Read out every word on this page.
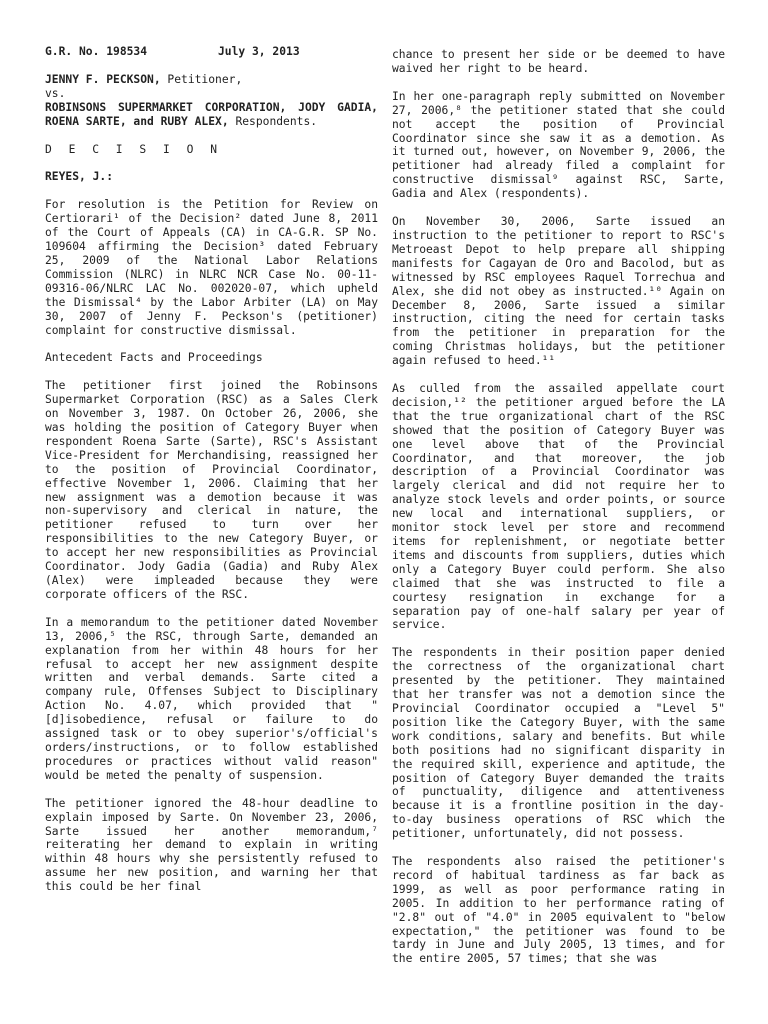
G.R. No. 198534	July 3, 2013

JENNY F. PECKSON, Petitioner,
vs.
ROBINSONS SUPERMARKET CORPORATION, JODY GADIA, ROENA SARTE, and RUBY ALEX, Respondents.

D E C I S I O N
REYES, J.:

For resolution is the Petition for Review on Certiorari¹ of the Decision² dated June 8, 2011 of the Court of Appeals (CA) in CA-G.R. SP No. 109604 affirming the Decision³ dated February 25, 2009 of the National Labor Relations Commission (NLRC) in NLRC NCR Case No. 00-11-09316-06/NLRC LAC No. 002020-07, which upheld the Dismissal⁴ by the Labor Arbiter (LA) on May 30, 2007 of Jenny F. Peckson's (petitioner) complaint for constructive dismissal.

Antecedent Facts and Proceedings

The petitioner first joined the Robinsons Supermarket Corporation (RSC) as a Sales Clerk on November 3, 1987. On October 26, 2006, she was holding the position of Category Buyer when respondent Roena Sarte (Sarte), RSC's Assistant Vice-President for Merchandising, reassigned her to the position of Provincial Coordinator, effective November 1, 2006. Claiming that her new assignment was a demotion because it was non-supervisory and clerical in nature, the petitioner refused to turn over her responsibilities to the new Category Buyer, or to accept her new responsibilities as Provincial Coordinator. Jody Gadia (Gadia) and Ruby Alex (Alex) were impleaded because they were corporate officers of the RSC.

In a memorandum to the petitioner dated November 13, 2006,⁵ the RSC, through Sarte, demanded an explanation from her within 48 hours for her refusal to accept her new assignment despite written and verbal demands. Sarte cited a company rule, Offenses Subject to Disciplinary Action No. 4.07, which provided that "[d]isobedience, refusal or failure to do assigned task or to obey superior's/official's orders/instructions, or to follow established procedures or practices without valid reason" would be meted the penalty of suspension.

The petitioner ignored the 48-hour deadline to explain imposed by Sarte. On November 23, 2006, Sarte issued her another memorandum,⁷ reiterating her demand to explain in writing within 48 hours why she persistently refused to assume her new position, and warning her that this could be her final

chance to present her side or be deemed to have waived her right to be heard.

In her one-paragraph reply submitted on November 27, 2006,⁸ the petitioner stated that she could not accept the position of Provincial Coordinator since she saw it as a demotion. As it turned out, however, on November 9, 2006, the petitioner had already filed a complaint for constructive dismissal⁹ against RSC, Sarte, Gadia and Alex (respondents).

On November 30, 2006, Sarte issued an instruction to the petitioner to report to RSC's Metroeast Depot to help prepare all shipping manifests for Cagayan de Oro and Bacolod, but as witnessed by RSC employees Raquel Torrechua and Alex, she did not obey as instructed.¹⁰ Again on December 8, 2006, Sarte issued a similar instruction, citing the need for certain tasks from the petitioner in preparation for the coming Christmas holidays, but the petitioner again refused to heed.¹¹

As culled from the assailed appellate court decision,¹² the petitioner argued before the LA that the true organizational chart of the RSC showed that the position of Category Buyer was one level above that of the Provincial Coordinator, and that moreover, the job description of a Provincial Coordinator was largely clerical and did not require her to analyze stock levels and order points, or source new local and international suppliers, or monitor stock level per store and recommend items for replenishment, or negotiate better items and discounts from suppliers, duties which only a Category Buyer could perform. She also claimed that she was instructed to file a courtesy resignation in exchange for a separation pay of one-half salary per year of service.

The respondents in their position paper denied the correctness of the organizational chart presented by the petitioner. They maintained that her transfer was not a demotion since the Provincial Coordinator occupied a "Level 5" position like the Category Buyer, with the same work conditions, salary and benefits. But while both positions had no significant disparity in the required skill, experience and aptitude, the position of Category Buyer demanded the traits of punctuality, diligence and attentiveness because it is a frontline position in the day-to-day business operations of RSC which the petitioner, unfortunately, did not possess.

The respondents also raised the petitioner's record of habitual tardiness as far back as 1999, as well as poor performance rating in 2005. In addition to her performance rating of "2.8" out of "4.0" in 2005 equivalent to "below expectation," the petitioner was found to be tardy in June and July 2005, 13 times, and for the entire 2005, 57 times; that she was
